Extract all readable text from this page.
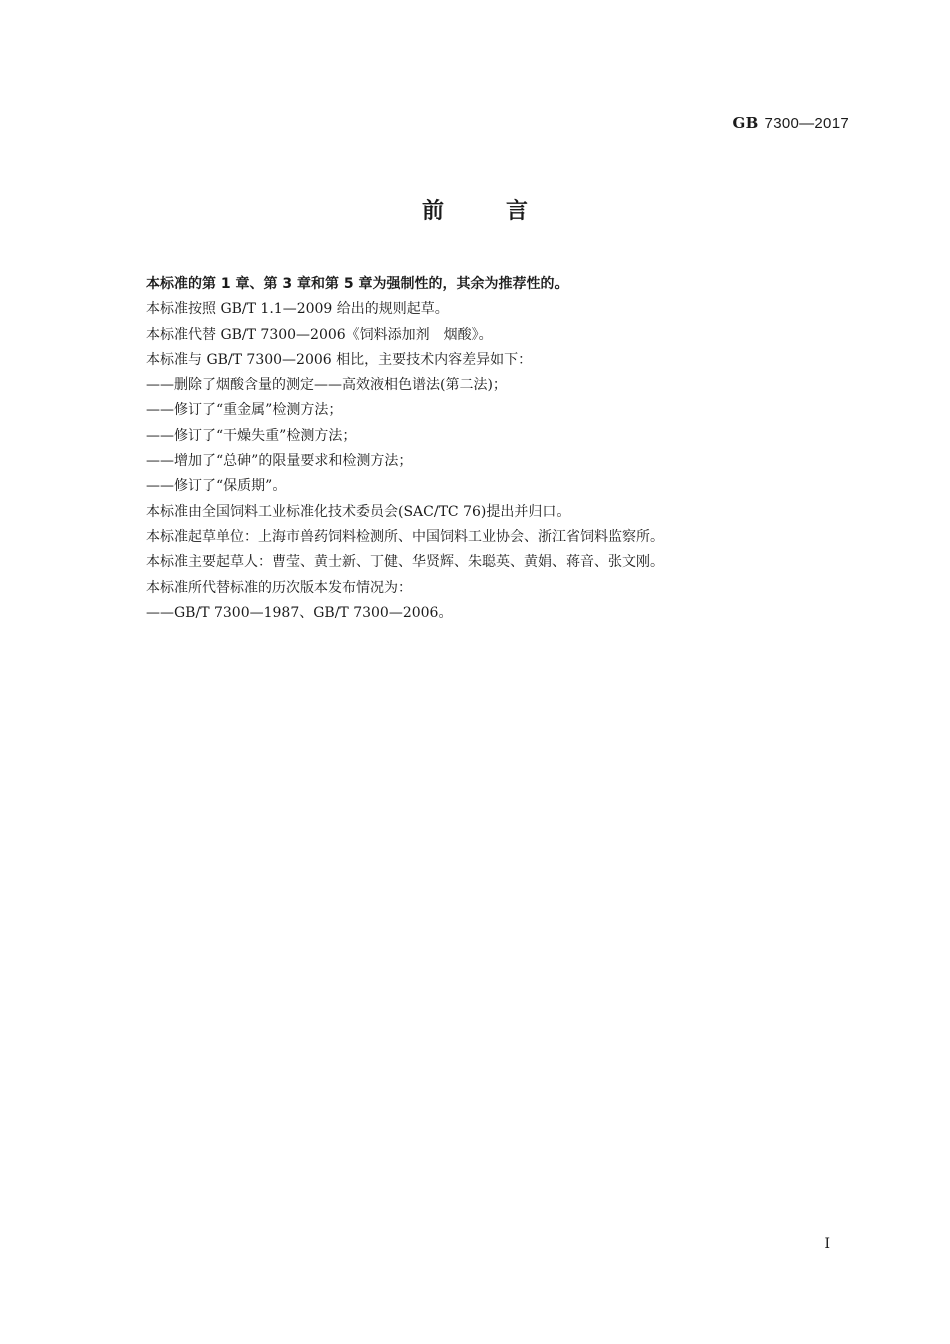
GB 7300—2017
前言
本标准的第 1 章、第 3 章和第 5 章为强制性的，其余为推荐性的。
本标准按照 GB/T 1.1—2009 给出的规则起草。
本标准代替 GB/T 7300—2006《饲料添加剂　烟酸》。
本标准与 GB/T 7300—2006 相比，主要技术内容差异如下：
——删除了烟酸含量的测定——高效液相色谱法(第二法)；
——修订了“重金属”检测方法；
——修订了“干燥失重”检测方法；
——增加了“总砷”的限量要求和检测方法；
——修订了“保质期”。
本标准由全国饲料工业标准化技术委员会(SAC/TC 76)提出并归口。
本标准起草单位：上海市兽药饲料检测所、中国饲料工业协会、浙江省饲料监察所。
本标准主要起草人：曹莹、黄士新、丁健、华贤辉、朱聪英、黄娟、蒋音、张文刚。
本标准所代替标准的历次版本发布情况为：
——GB/T 7300—1987、GB/T 7300—2006。
I
